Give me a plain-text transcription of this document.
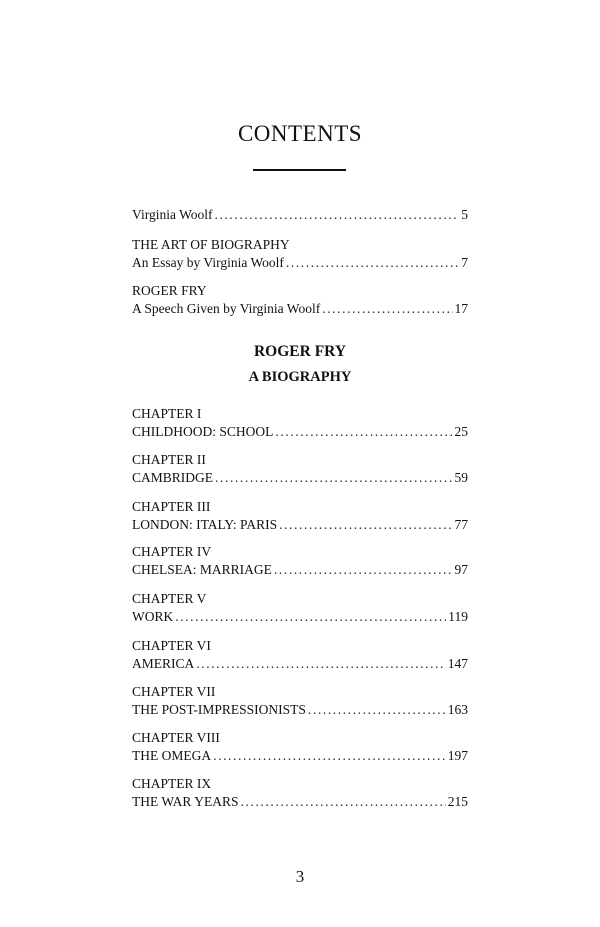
CONTENTS
Virginia Woolf .....	5
THE ART OF BIOGRAPHY
An Essay by Virginia Woolf .....	7
ROGER FRY
A Speech Given by Virginia Woolf .....	17
ROGER FRY
A BIOGRAPHY
CHAPTER I
CHILDHOOD: SCHOOL .....	25
CHAPTER II
CAMBRIDGE .....	59
CHAPTER III
LONDON: ITALY: PARIS .....	77
CHAPTER IV
CHELSEA: MARRIAGE .....	97
CHAPTER V
WORK .....	119
CHAPTER VI
AMERICA .....	147
CHAPTER VII
THE POST-IMPRESSIONISTS .....	163
CHAPTER VIII
THE OMEGA .....	197
CHAPTER IX
THE WAR YEARS .....	215
3
